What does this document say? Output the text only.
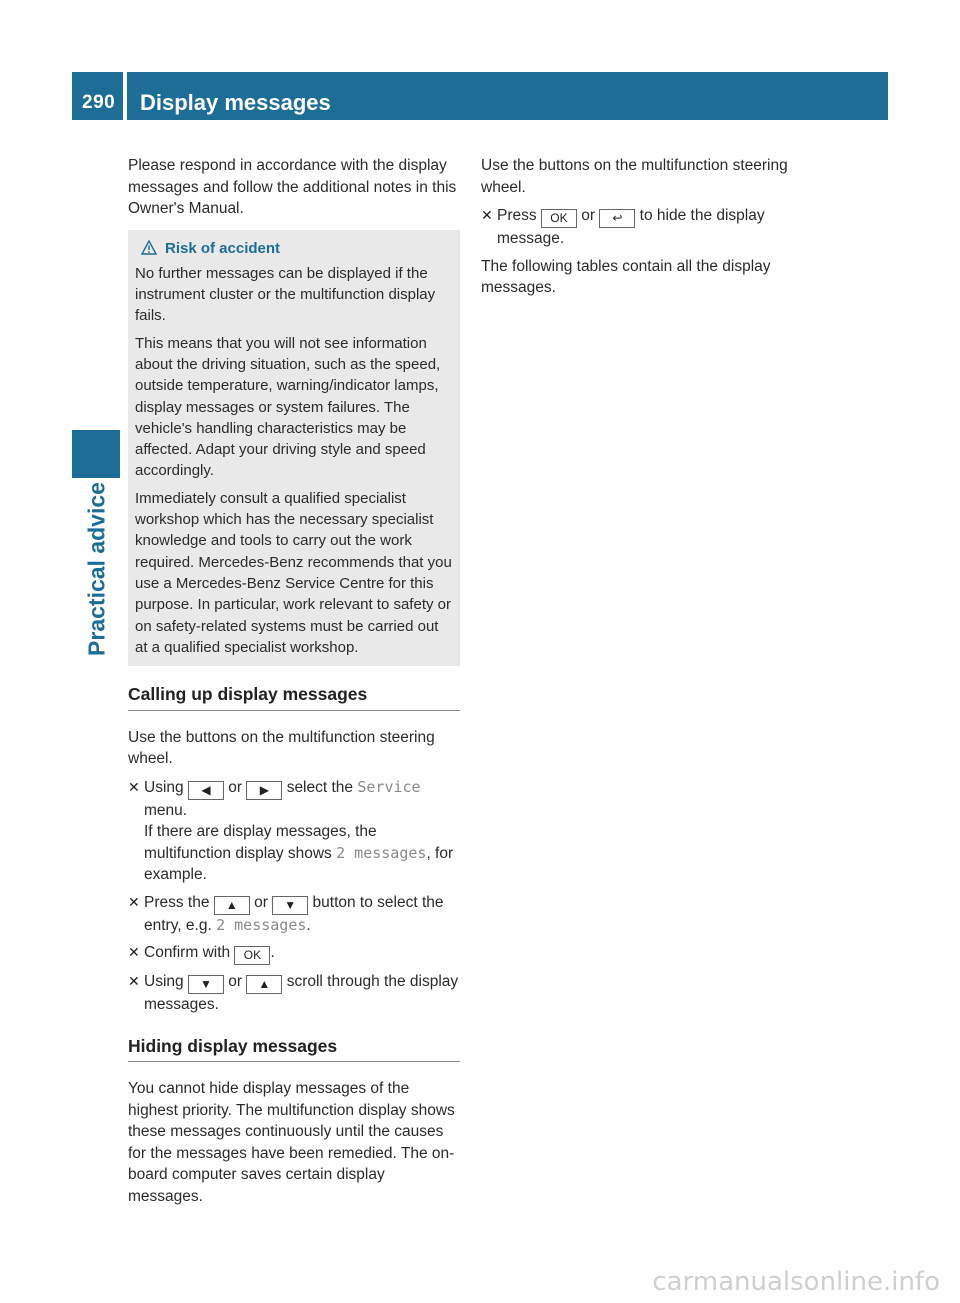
290 Display messages
Practical advice

Please respond in accordance with the display messages and follow the additional notes in this Owner's Manual.

Risk of accident

No further messages can be displayed if the instrument cluster or the multifunction display fails.

This means that you will not see information about the driving situation, such as the speed, outside temperature, warning/indicator lamps, display messages or system failures. The vehicle's handling characteristics may be affected. Adapt your driving style and speed accordingly.

Immediately consult a qualified specialist workshop which has the necessary specialist knowledge and tools to carry out the work required. Mercedes-Benz recommends that you use a Mercedes-Benz Service Centre for this purpose. In particular, work relevant to safety or on safety-related systems must be carried out at a qualified specialist workshop.

Calling up display messages

Use the buttons on the multifunction steering wheel.

✕ Using ◀ or ▶ select the Service menu.
If there are display messages, the multifunction display shows 2 messages, for example.
✕ Press the ▲ or ▼ button to select the entry, e.g. 2 messages.
✕ Confirm with OK .
✕ Using ▼ or ▲ scroll through the display messages.
Hiding display messages

You cannot hide display messages of the highest priority. The multifunction display shows these messages continuously until the causes for the messages have been remedied. The on-board computer saves certain display messages.

Use the buttons on the multifunction steering wheel.

✕ Press OK or ↩ to hide the display message.

The following tables contain all the display messages.

carmanualsonline.info
